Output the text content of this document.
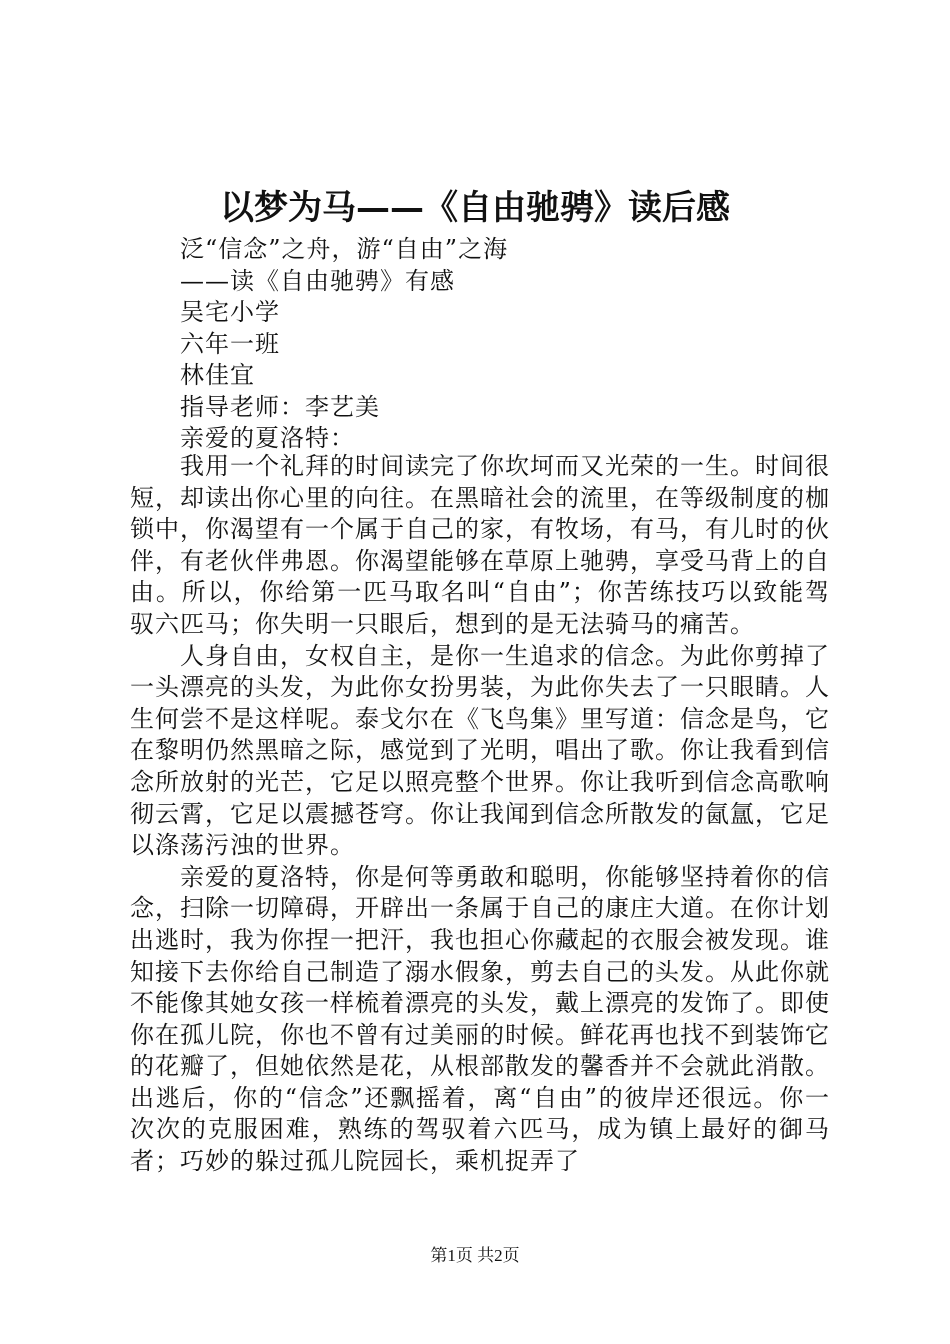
以梦为马——《自由驰骋》读后感
泛“信念”之舟，游“自由”之海
——读《自由驰骋》有感
吴宅小学
六年一班
林佳宜
指导老师：李艺美
亲爱的夏洛特：

我用一个礼拜的时间读完了你坎坷而又光荣的一生。时间很短，却读出你心里的向往。在黑暗社会的流里，在等级制度的枷锁中，你渴望有一个属于自己的家，有牧场，有马，有儿时的伙伴，有老伙伴弗恩。你渴望能够在草原上驰骋，享受马背上的自由。所以，你给第一匹马取名叫“自由”；你苦练技巧以致能驾驭六匹马；你失明一只眼后，想到的是无法骑马的痛苦。

人身自由，女权自主，是你一生追求的信念。为此你剪掉了一头漂亮的头发，为此你女扮男装，为此你失去了一只眼睛。人生何尝不是这样呢。泰戈尔在《飞鸟集》里写道：信念是鸟，它在黎明仍然黑暗之际，感觉到了光明，唱出了歌。你让我看到信念所放射的光芒，它足以照亮整个世界。你让我听到信念高歌响彻云霄，它足以震撼苍穹。你让我闻到信念所散发的氤氲，它足以涤荡污浊的世界。

亲爱的夏洛特，你是何等勇敢和聪明，你能够坚持着你的信念，扫除一切障碍，开辟出一条属于自己的康庄大道。在你计划出逃时，我为你捏一把汗，我也担心你藏起的衣服会被发现。谁知接下去你给自己制造了溺水假象，剪去自己的头发。从此你就不能像其她女孩一样梳着漂亮的头发，戴上漂亮的发饰了。即使你在孤儿院，你也不曾有过美丽的时候。鲜花再也找不到装饰它的花瓣了，但她依然是花，从根部散发的馨香并不会就此消散。出逃后，你的“信念”还飘摇着，离“自由”的彼岸还很远。你一次次的克服困难，熟练的驾驭着六匹马，成为镇上最好的御马者；巧妙的躲过孤儿院园长，乘机捉弄了

第1页 共2页
